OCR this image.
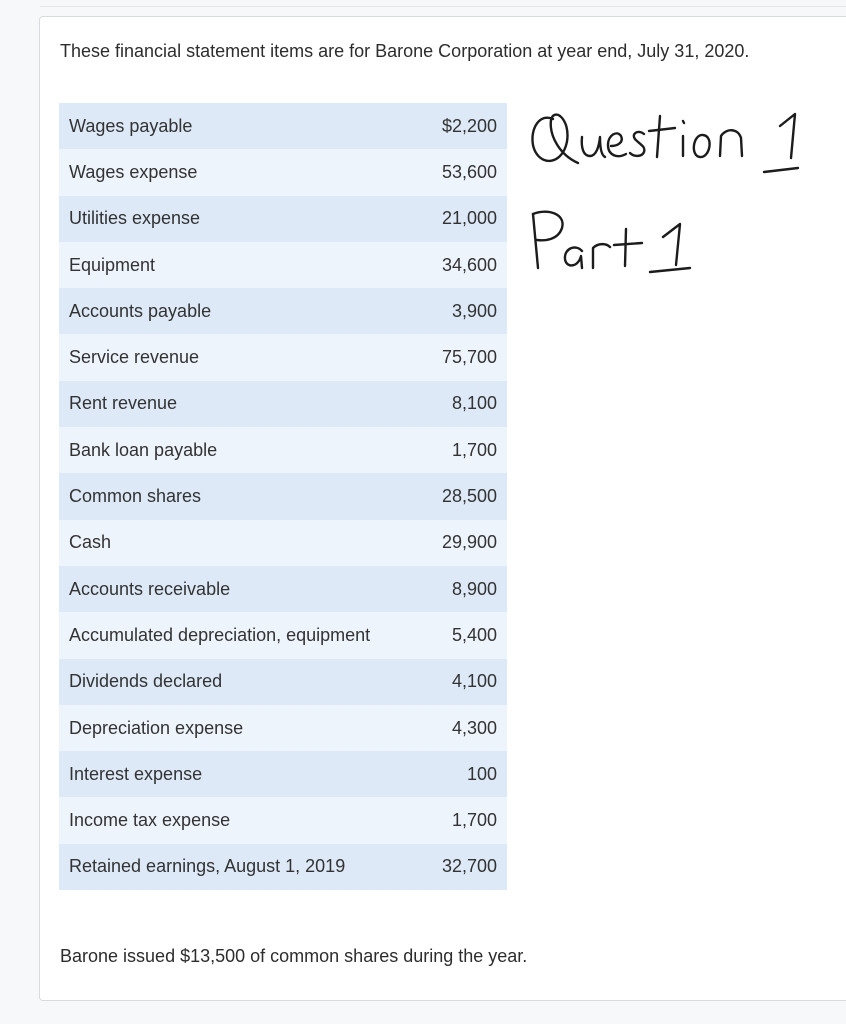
These financial statement items are for Barone Corporation at year end, July 31, 2020.
Wages payable	$2,200
Wages expense	53,600
Utilities expense	21,000
Equipment	34,600
Accounts payable	3,900
Service revenue	75,700
Rent revenue	8,100
Bank loan payable	1,700
Common shares	28,500
Cash	29,900
Accounts receivable	8,900
Accumulated depreciation, equipment	5,400
Dividends declared	4,100
Depreciation expense	4,300
Interest expense	100
Income tax expense	1,700
Retained earnings, August 1, 2019	32,700
Barone issued $13,500 of common shares during the year.
